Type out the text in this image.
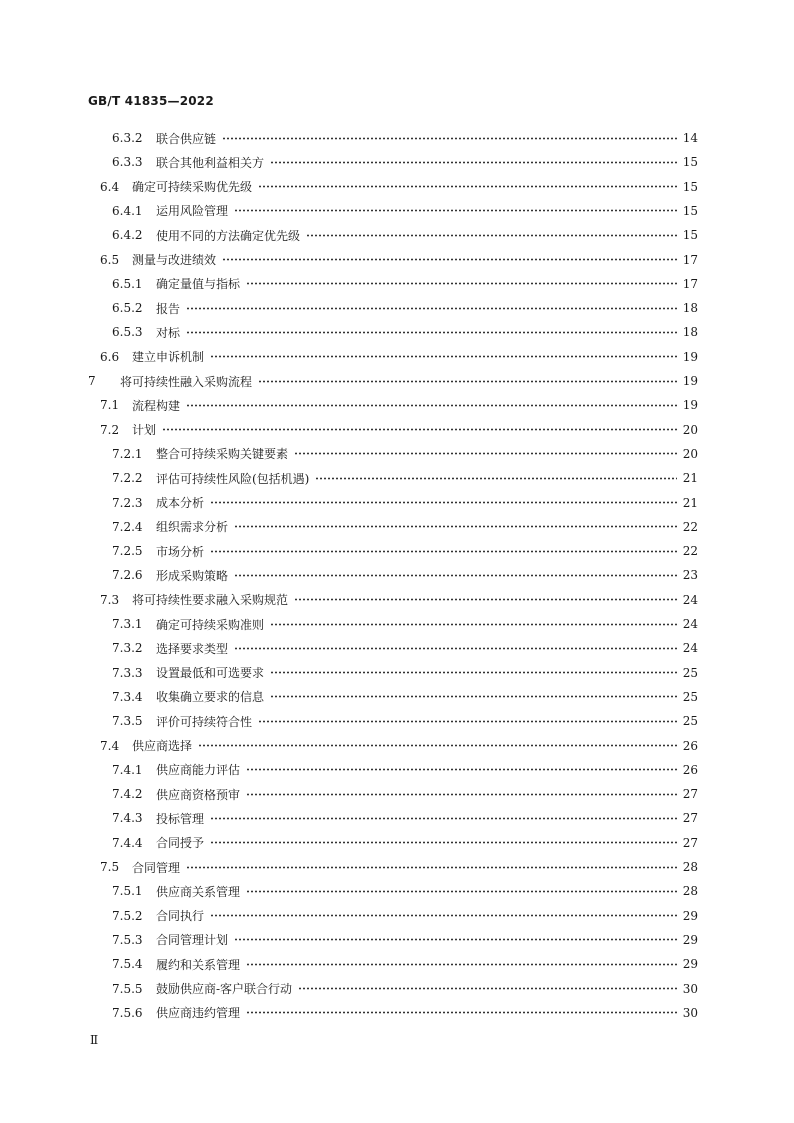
GB/T 41835—2022
6.3.2 联合供应链	14
6.3.3 联合其他利益相关方	15
6.4 确定可持续采购优先级	15
6.4.1 运用风险管理	15
6.4.2 使用不同的方法确定优先级	15
6.5 测量与改进绩效	17
6.5.1 确定量值与指标	17
6.5.2 报告	18
6.5.3 对标	18
6.6 建立申诉机制	19
7	将可持续性融入采购流程	19
7.1 流程构建	19
7.2 计划	20
7.2.1 整合可持续采购关键要素	20
7.2.2 评估可持续性风险(包括机遇)	21
7.2.3 成本分析	21
7.2.4 组织需求分析	22
7.2.5 市场分析	22
7.2.6 形成采购策略	23
7.3 将可持续性要求融入采购规范	24
7.3.1 确定可持续采购准则	24
7.3.2 选择要求类型	24
7.3.3 设置最低和可选要求	25
7.3.4 收集确立要求的信息	25
7.3.5 评价可持续符合性	25
7.4 供应商选择	26
7.4.1 供应商能力评估	26
7.4.2 供应商资格预审	27
7.4.3 投标管理	27
7.4.4 合同授予	27
7.5 合同管理	28
7.5.1 供应商关系管理	28
7.5.2 合同执行	29
7.5.3 合同管理计划	29
7.5.4 履约和关系管理	29
7.5.5 鼓励供应商-客户联合行动	30
7.5.6 供应商违约管理	30
Ⅱ
